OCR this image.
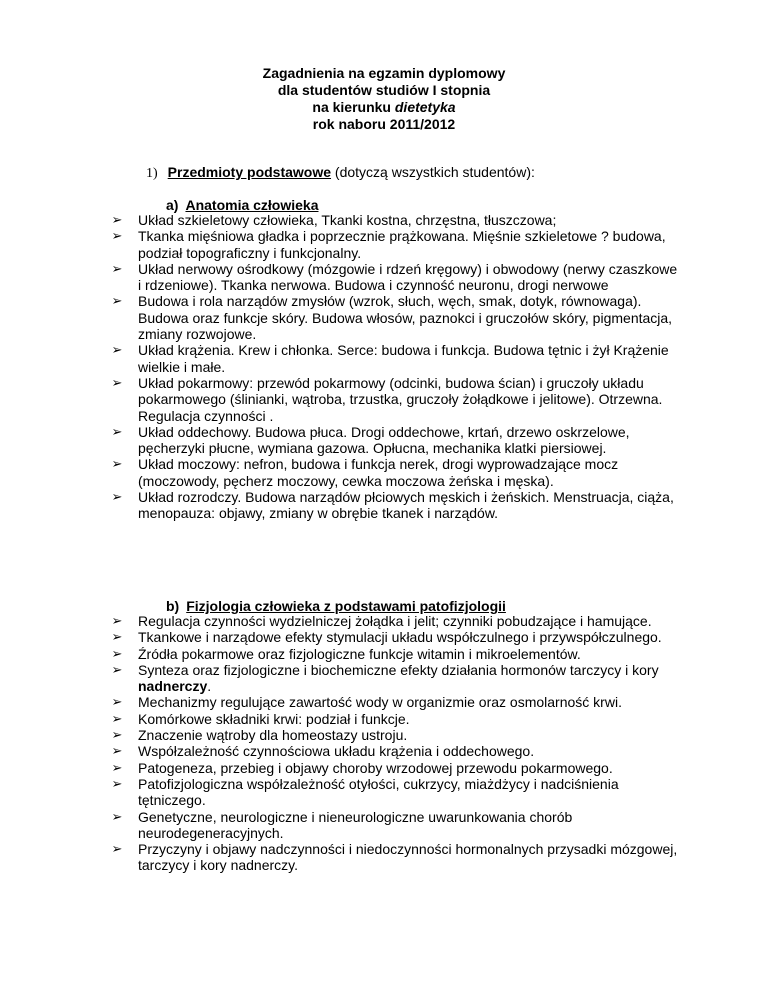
Zagadnienia na egzamin dyplomowy
dla studentów studiów I stopnia
na kierunku dietetyka
rok naboru 2011/2012
1) Przedmioty podstawowe (dotyczą wszystkich studentów):
a) Anatomia człowieka
➢ Układ szkieletowy człowieka, Tkanki kostna, chrzęstna, tłuszczowa;
➢ Tkanka mięśniowa gładka i poprzecznie prążkowana. Mięśnie szkieletowe ? budowa, podział topograficzny i funkcjonalny.
➢ Układ nerwowy ośrodkowy (mózgowie i rdzeń kręgowy) i obwodowy (nerwy czaszkowe i rdzeniowe). Tkanka nerwowa. Budowa i czynność neuronu, drogi nerwowe
➢ Budowa i rola narządów zmysłów (wzrok, słuch, węch, smak, dotyk, równowaga). Budowa oraz funkcje skóry. Budowa włosów, paznokci i gruczołów skóry, pigmentacja, zmiany rozwojowe.
➢ Układ krążenia. Krew i chłonka. Serce: budowa i funkcja. Budowa tętnic i żył Krążenie wielkie i małe.
➢ Układ pokarmowy: przewód pokarmowy (odcinki, budowa ścian) i gruczoły układu pokarmowego (ślinianki, wątroba, trzustka, gruczoły żołądkowe i jelitowe). Otrzewna. Regulacja czynności .
➢ Układ oddechowy. Budowa płuca. Drogi oddechowe, krtań, drzewo oskrzelowe, pęcherzyki płucne, wymiana gazowa. Opłucna, mechanika klatki piersiowej.
➢ Układ moczowy: nefron, budowa i funkcja nerek, drogi wyprowadzające mocz (moczowody, pęcherz moczowy, cewka moczowa żeńska i męska).
➢ Układ rozrodczy. Budowa narządów płciowych męskich i żeńskich. Menstruacja, ciąża, menopauza: objawy, zmiany w obrębie tkanek i narządów.
b) Fizjologia człowieka z podstawami patofizjologii
➢ Regulacja czynności wydzielniczej żołądka i jelit; czynniki pobudzające i hamujące.
➢ Tkankowe i narządowe efekty stymulacji układu współczulnego i przywspółczulnego.
➢ Źródła pokarmowe oraz fizjologiczne funkcje witamin i mikroelementów.
➢ Synteza oraz fizjologiczne i biochemiczne efekty działania hormonów tarczycy i kory nadnerczy.
➢ Mechanizmy regulujące zawartość wody w organizmie oraz osmolarność krwi.
➢ Komórkowe składniki krwi: podział i funkcje.
➢ Znaczenie wątroby dla homeostazy ustroju.
➢ Współzależność czynnościowa układu krążenia i oddechowego.
➢ Patogeneza, przebieg i objawy choroby wrzodowej przewodu pokarmowego.
➢ Patofizjologiczna współzależność otyłości, cukrzycy, miażdżycy i nadciśnienia tętniczego.
➢ Genetyczne, neurologiczne i nieneurologiczne uwarunkowania chorób neurodegeneracyjnych.
➢ Przyczyny i objawy nadczynności i niedoczynności hormonalnych przysadki mózgowej, tarczycy i kory nadnerczy.
